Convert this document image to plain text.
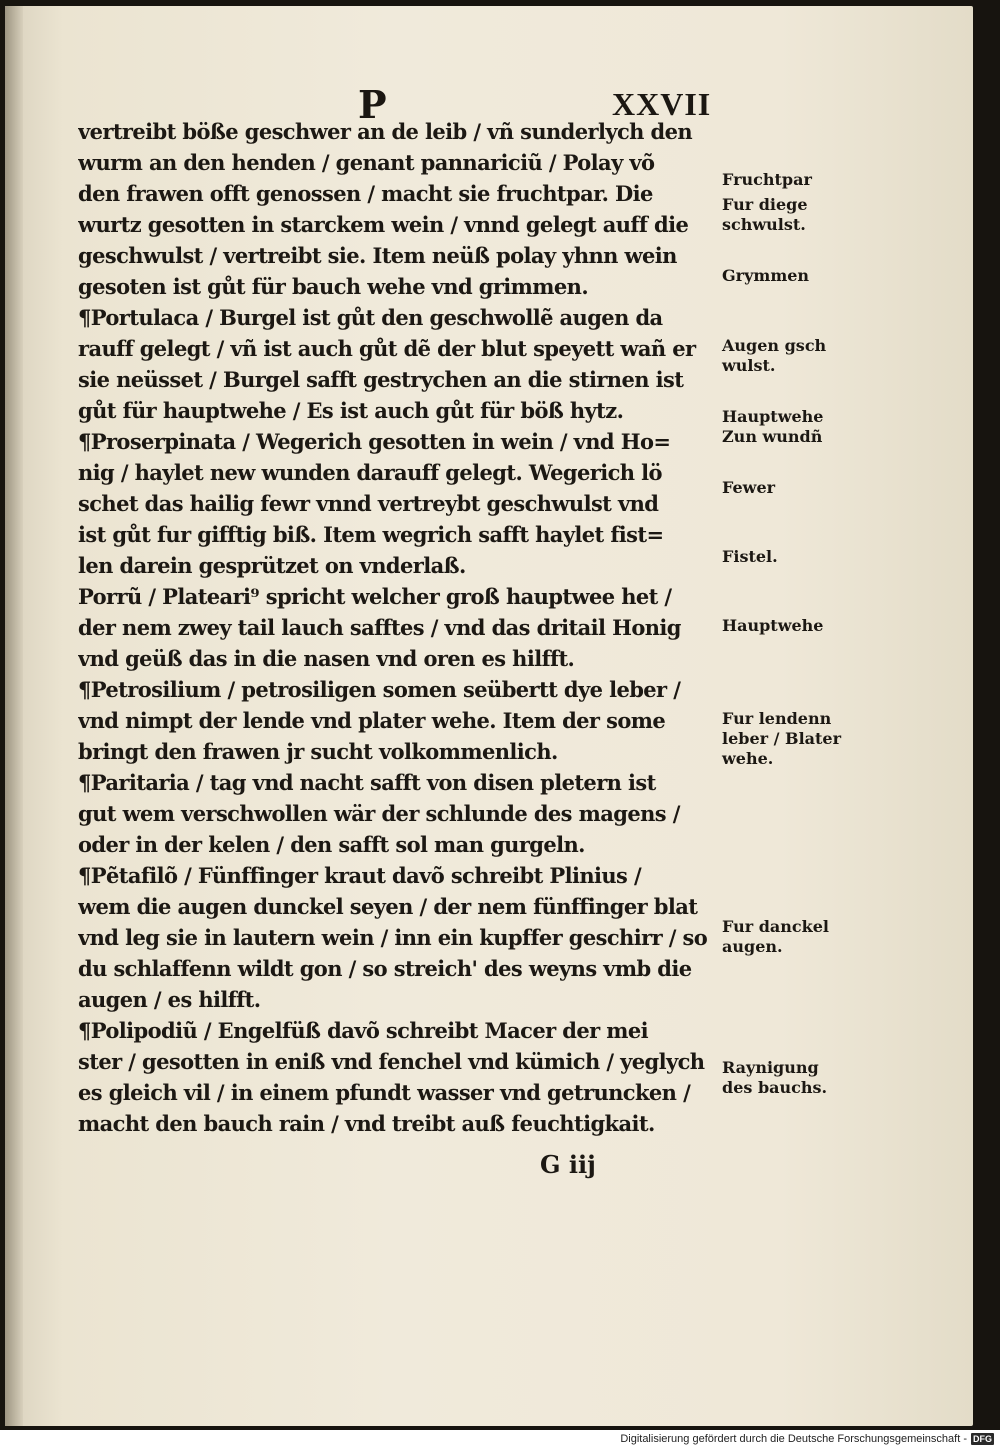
P	XXVII
vertreibt böße geschwer an de leib / vñ sunderlych den
wurm an den henden / genant pannariciũ / Polay võ
den frawen offt genossen / macht sie fruchtpar. Die
wurtz gesotten in starckem wein / vnnd gelegt auff die
geschwulst / vertreibt sie. Item neüß polay yhnn wein
gesoten ist gůt für bauch wehe vnd grimmen.
¶Portulaca / Burgel ist gůt den geschwollẽ augen da
rauff gelegt / vñ ist auch gůt dẽ der blut speyett wañ er
sie neüsset / Burgel safft gestrychen an die stirnen ist
gůt für hauptwehe / Es ist auch gůt für böß hytz.
¶Proserpinata / Wegerich gesotten in wein / vnd Ho=
nig / haylet new wunden darauff gelegt. Wegerich lö
schet das hailig fewr vnnd vertreybt geschwulst vnd
ist gůt fur gifftig biß. Item wegrich safft haylet fist=
len darein gesprützet on vnderlaß.
Porrũ / Plateari⁹ spricht welcher groß hauptwee het /
der nem zwey tail lauch safftes / vnd das dritail Honig
vnd geüß das in die nasen vnd oren es hilfft.
¶Petrosilium / petrosiligen somen seübertt dye leber /
vnd nimpt der lende vnd plater wehe. Item der some
bringt den frawen jr sucht volkommenlich.
¶Paritaria / tag vnd nacht safft von disen pletern ist
gut wem verschwollen wär der schlunde des magens /
oder in der kelen / den safft sol man gurgeln.
¶Pẽtafilõ / Fünffinger kraut davõ schreibt Plinius /
wem die augen dunckel seyen / der nem fünffinger blat
vnd leg sie in lautern wein / inn ein kupffer geschirr / so
du schlaffenn wildt gon / so streich' des weyns vmb die
augen / es hilfft.
¶Polipodiũ / Engelfüß davõ schreibt Macer der mei
ster / gesotten in eniß vnd fenchel vnd kümich / yeglych
es gleich vil / in einem pfundt wasser vnd getruncken /
macht den bauch rain / vnd treibt auß feuchtigkait.
Fruchtpar
Fur diege
schwulst.
Grymmen
Augen gsch
wulst.
Hauptwehe
Zun wundñ
Fewer
Fistel.
Hauptwehe
Fur lendenn
leber / Blater
wehe.
Fur danckel
augen.
Raynigung
des bauchs.
G iij
Digitalisierung gefördert durch die Deutsche Forschungsgemeinschaft - DFG
